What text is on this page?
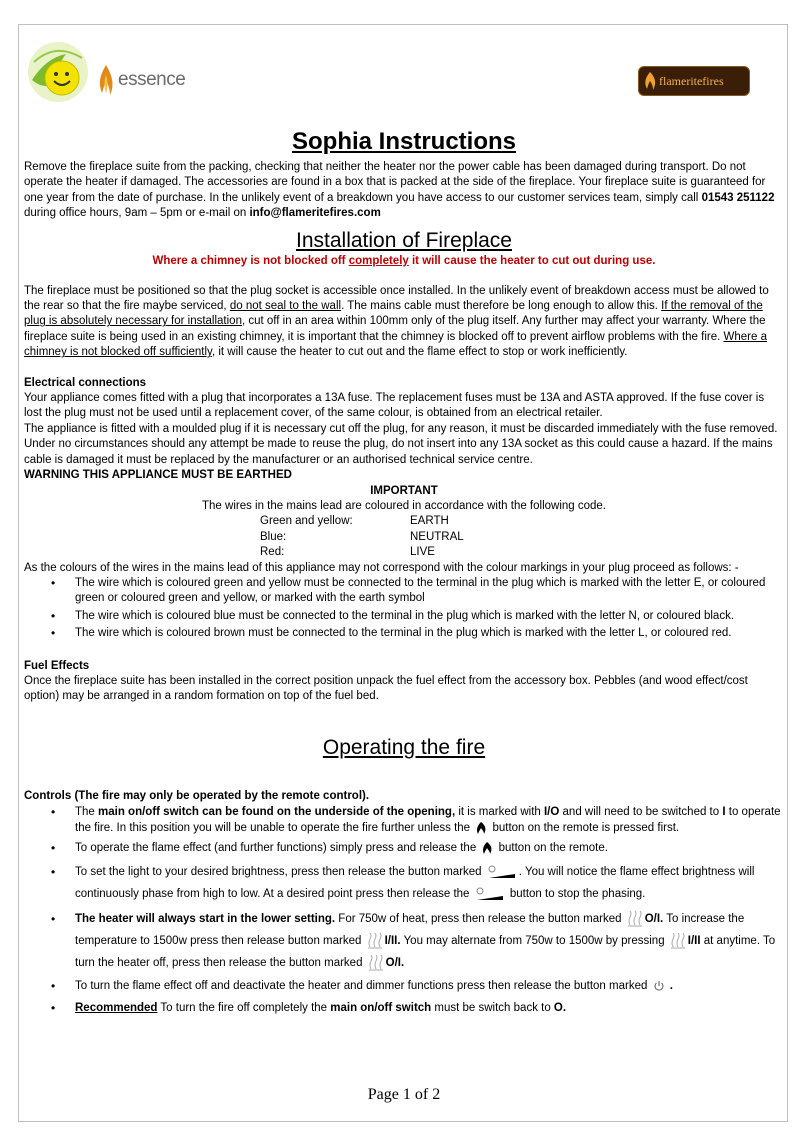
essence	flameritefires
Sophia Instructions

Remove the fireplace suite from the packing, checking that neither the heater nor the power cable has been damaged during transport. Do not operate the heater if damaged. The accessories are found in a box that is packed at the side of the fireplace. Your fireplace suite is guaranteed for one year from the date of purchase. In the unlikely event of a breakdown you have access to our customer services team, simply call 01543 251122 during office hours, 9am – 5pm or e-mail on info@flameritefires.com

Installation of Fireplace

Where a chimney is not blocked off completely it will cause the heater to cut out during use.

The fireplace must be positioned so that the plug socket is accessible once installed. In the unlikely event of breakdown access must be allowed to the rear so that the fire maybe serviced, do not seal to the wall. The mains cable must therefore be long enough to allow this. If the removal of the plug is absolutely necessary for installation, cut off in an area within 100mm only of the plug itself. Any further may affect your warranty. Where the fireplace suite is being used in an existing chimney, it is important that the chimney is blocked off to prevent airflow problems with the fire. Where a chimney is not blocked off sufficiently, it will cause the heater to cut out and the flame effect to stop or work inefficiently.

Electrical connections

Your appliance comes fitted with a plug that incorporates a 13A fuse. The replacement fuses must be 13A and ASTA approved. If the fuse cover is lost the plug must not be used until a replacement cover, of the same colour, is obtained from an electrical retailer.

The appliance is fitted with a moulded plug if it is necessary cut off the plug, for any reason, it must be discarded immediately with the fuse removed. Under no circumstances should any attempt be made to reuse the plug, do not insert into any 13A socket as this could cause a hazard. If the mains cable is damaged it must be replaced by the manufacturer or an authorised technical service centre.

WARNING THIS APPLIANCE MUST BE EARTHED

IMPORTANT

The wires in the mains lead are coloured in accordance with the following code.

Green and yellow:	EARTH
Blue:	NEUTRAL
Red:	LIVE

As the colours of the wires in the mains lead of this appliance may not correspond with the colour markings in your plug proceed as follows: -

• The wire which is coloured green and yellow must be connected to the terminal in the plug which is marked with the letter E, or coloured green or coloured green and yellow, or marked with the earth symbol
• The wire which is coloured blue must be connected to the terminal in the plug which is marked with the letter N, or coloured black.
• The wire which is coloured brown must be connected to the terminal in the plug which is marked with the letter L, or coloured red.

Fuel Effects

Once the fireplace suite has been installed in the correct position unpack the fuel effect from the accessory box. Pebbles (and wood effect/cost option) may be arranged in a random formation on top of the fuel bed.

Operating the fire

Controls (The fire may only be operated by the remote control).

• The main on/off switch can be found on the underside of the opening, it is marked with I/O and will need to be switched to I to operate the fire. In this position you will be unable to operate the fire further unless the  button on the remote is pressed first.
• To operate the flame effect (and further functions) simply press and release the  button on the remote.
• To set the light to your desired brightness, press then release the button marked	. You will notice the flame effect brightness will continuously phase from high to low. At a desired point press then release the	button to stop the phasing.
• The heater will always start in the lower setting. For 750w of heat, press then release the button marked O/I. To increase the temperature to 1500w press then release button marked I/II. You may alternate from 750w to 1500w by pressing I/II at anytime. To turn the heater off, press then release the button marked O/I.
• To turn the flame effect off and deactivate the heater and dimmer functions press then release the button marked  .
• Recommended To turn the fire off completely the main on/off switch must be switch back to O.
Page 1 of 2
